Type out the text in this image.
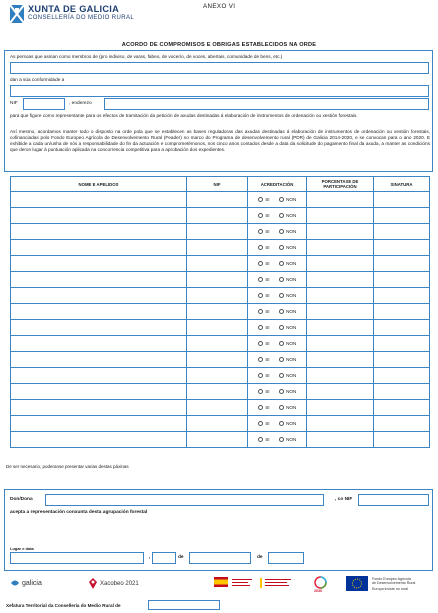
XUNTA DE GALICIA
CONSELLERÍA DO MEDIO RURAL
ANEXO VI
ACORDO DE COMPROMISOS E OBRIGAS ESTABLECIDOS NA ORDE
As persoas que asinan como membros de (pro indiviso, de varas, fabeo, de vocerío, de voces, abertais, comunidade de bens, etc.)
dan a súa conformidade a
NIF	, enderezo
para que figure como representante para os efectos de tramitación da petición de axudas destinadas á elaboración de instrumentos de ordenación ou xestión forestais.
Así mesmo, acordamos manter todo o disposto na orde pola que se establecen as bases reguladoras das axudas destinadas á elaboración de instrumentos de ordenación ou xestión forestais, cofinanciadas polo Fondo Europeo Agrícola de Desenvolvemento Rural (Feader) no marco do Programa de desenvolvemento rural (PDR) de Galicia 2014-2020, e se convocan para o ano 2020. E exhibide a cada un/unha de nós a responsabilidade do fin da actuación e comprometémonos, nos cinco anos contados desde a data da solicitude do pagamento final da axuda, a manter as condicións que deron lugar á puntuación aplicada na concorrencia competitiva para a aprobación dos expedientes.
NOME E APELIDOS	NIF	ACREDITACIÓN	PORCENTAXE DE PARTICIPACIÓN	SINATURA

		SI NON		

		SI NON		

		SI NON		

		SI NON		

		SI NON		

		SI NON		

		SI NON		

		SI NON		

		SI NON		

		SI NON		

		SI NON		

		SI NON		

		SI NON		

		SI NON		

		SI NON		

		SI NON		

De ser necesario, poderanse presentar varias destas páxinas
Don/Dona	, co NIF
acepta a representación conxunta desta agrupación forestal
Lugar e data
,	de	de
galicia	Xacobeo 2021
2030
Fondo Europeo Agrícola
de Desenvolvemento Rural
Europa inviste no rural
Xefatura Territorial da Consellería do Medio Rural de
